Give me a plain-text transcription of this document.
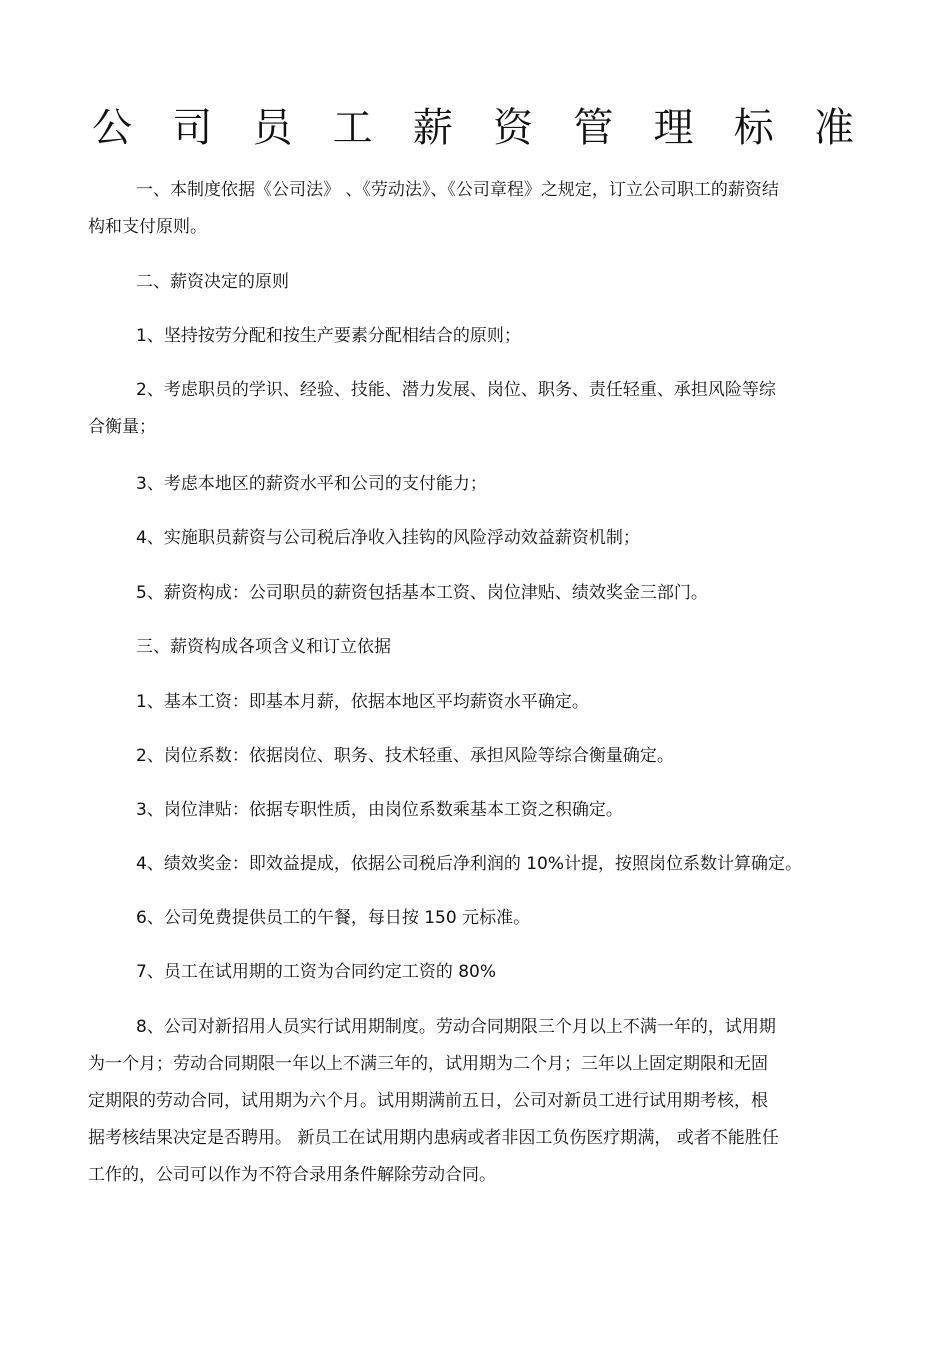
公 司 员 工 薪 资 管 理 标 准

一、本制度依据《公司法》 、《劳动法》、《公司章程》之规定，订立公司职工的薪资结
构和支付原则。

二、薪资决定的原则

1、坚持按劳分配和按生产要素分配相结合的原则；

2、考虑职员的学识、经验、技能、潜力发展、岗位、职务、责任轻重、承担风险等综
合衡量；

3、考虑本地区的薪资水平和公司的支付能力；

4、实施职员薪资与公司税后净收入挂钩的风险浮动效益薪资机制；

5、薪资构成：公司职员的薪资包括基本工资、岗位津贴、绩效奖金三部门。

三、薪资构成各项含义和订立依据

1、基本工资：即基本月薪，依据本地区平均薪资水平确定。

2、岗位系数：依据岗位、职务、技术轻重、承担风险等综合衡量确定。

3、岗位津贴：依据专职性质，由岗位系数乘基本工资之积确定。

4、绩效奖金：即效益提成，依据公司税后净利润的 10%计提，按照岗位系数计算确定。

6、公司免费提供员工的午餐，每日按 150 元标准。

7、员工在试用期的工资为合同约定工资的 80%

8、公司对新招用人员实行试用期制度。劳动合同期限三个月以上不满一年的，试用期
为一个月；劳动合同期限一年以上不满三年的，试用期为二个月；三年以上固定期限和无固
定期限的劳动合同，试用期为六个月。试用期满前五日，公司对新员工进行试用期考核，根
据考核结果决定是否聘用。 新员工在试用期内患病或者非因工负伤医疗期满， 或者不能胜任
工作的，公司可以作为不符合录用条件解除劳动合同。
